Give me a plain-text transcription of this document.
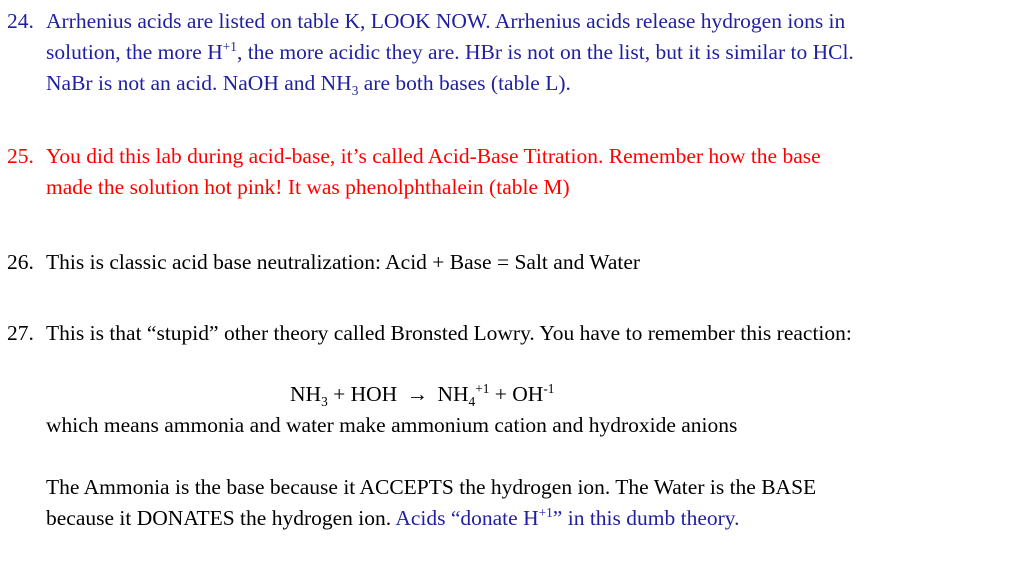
24. Arrhenius acids are listed on table K, LOOK NOW. Arrhenius acids release hydrogen ions in
solution, the more $H^{+1}$, the more acidic they are. HBr is not on the list, but it is similar to HCl.
NaBr is not an acid. NaOH and $NH_3$ are both bases (table L).
25. You did this lab during acid-base, it’s called Acid-Base Titration. Remember how the base
made the solution hot pink! It was phenolphthalein (table M)
26. This is classic acid base neutralization: Acid + Base = Salt and Water
27. This is that “stupid” other theory called Bronsted Lowry. You have to remember this reaction:
$NH_3$ + HOH → $NH_4^{+1} + OH^{-1}$
which means ammonia and water make ammonium cation and hydroxide anions
The Ammonia is the base because it ACCEPTS the hydrogen ion. The Water is the BASE
because it DONATES the hydrogen ion. Acids “donate $H^{+1}$” in this dumb theory.
